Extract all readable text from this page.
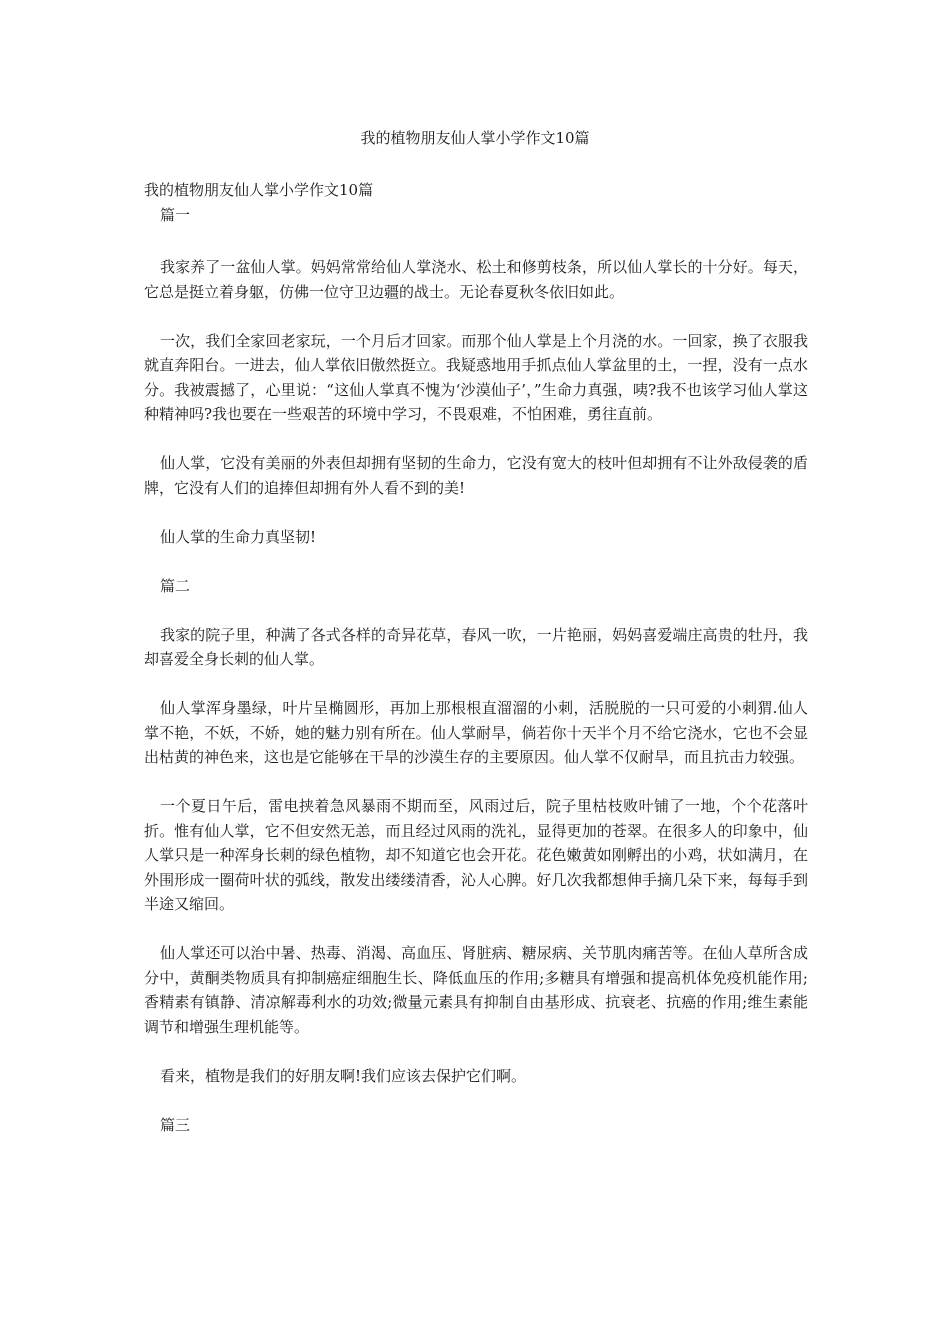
我的植物朋友仙人掌小学作文10篇

我的植物朋友仙人掌小学作文10篇

篇一

我家养了一盆仙人掌。妈妈常常给仙人掌浇水、松土和修剪枝条，所以仙人掌长的十分好。每天，它总是挺立着身躯，仿佛一位守卫边疆的战士。无论春夏秋冬依旧如此。

一次，我们全家回老家玩，一个月后才回家。而那个仙人掌是上个月浇的水。一回家，换了衣服我就直奔阳台。一进去，仙人掌依旧傲然挺立。我疑惑地用手抓点仙人掌盆里的土，一捏，没有一点水分。我被震撼了，心里说：“这仙人掌真不愧为‘沙漠仙子’，”生命力真强，咦?我不也该学习仙人掌这种精神吗?我也要在一些艰苦的环境中学习，不畏艰难，不怕困难，勇往直前。

仙人掌，它没有美丽的外表但却拥有坚韧的生命力，它没有宽大的枝叶但却拥有不让外敌侵袭的盾牌，它没有人们的追捧但却拥有外人看不到的美!

仙人掌的生命力真坚韧!

篇二

我家的院子里，种满了各式各样的奇异花草，春风一吹，一片艳丽，妈妈喜爱端庄高贵的牡丹，我却喜爱全身长刺的仙人掌。

仙人掌浑身墨绿，叶片呈椭圆形，再加上那根根直溜溜的小刺，活脱脱的一只可爱的小刺猬.仙人掌不艳，不妖，不娇，她的魅力别有所在。仙人掌耐旱，倘若你十天半个月不给它浇水，它也不会显出枯黄的神色来，这也是它能够在干旱的沙漠生存的主要原因。仙人掌不仅耐旱，而且抗击力较强。

一个夏日午后，雷电挟着急风暴雨不期而至，风雨过后，院子里枯枝败叶铺了一地，个个花落叶折。惟有仙人掌，它不但安然无恙，而且经过风雨的洗礼，显得更加的苍翠。在很多人的印象中，仙人掌只是一种浑身长刺的绿色植物，却不知道它也会开花。花色嫩黄如刚孵出的小鸡，状如满月，在外围形成一圈荷叶状的弧线，散发出缕缕清香，沁人心脾。好几次我都想伸手摘几朵下来，每每手到半途又缩回。

仙人掌还可以治中暑、热毒、消渴、高血压、肾脏病、糖尿病、关节肌肉痛苦等。在仙人草所含成分中，黄酮类物质具有抑制癌症细胞生长、降低血压的作用;多糖具有增强和提高机体免疫机能作用;香精素有镇静、清凉解毒利水的功效;微量元素具有抑制自由基形成、抗衰老、抗癌的作用;维生素能调节和增强生理机能等。

看来，植物是我们的好朋友啊!我们应该去保护它们啊。

篇三
